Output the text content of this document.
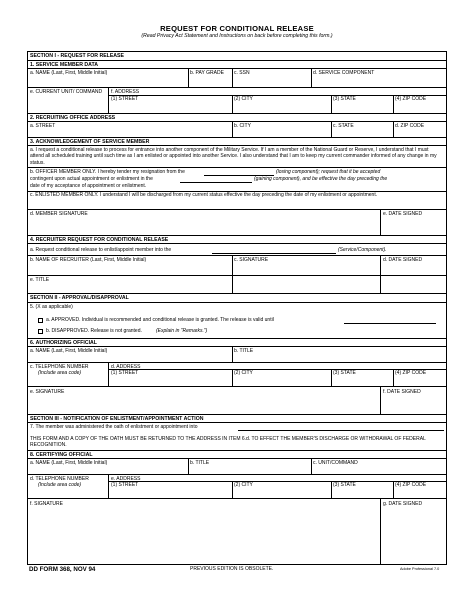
REQUEST FOR CONDITIONAL RELEASE
(Read Privacy Act Statement and Instructions on back before completing this form.)
SECTION I - REQUEST FOR RELEASE
1. SERVICE MEMBER DATA
a. NAME (Last, First, Middle Initial)	b. PAY GRADE c. SSN	d. SERVICE COMPONENT
e. CURRENT UNIT/ COMMAND f. ADDRESS
(1) STREET	(2) CITY	(3) STATE	(4) ZIP CODE
2. RECRUITING OFFICE ADDRESS
a. STREET	b. CITY	c. STATE	d. ZIP CODE
3. ACKNOWLEDGEMENT OF SERVICE MEMBER
a. I request a conditional release to process for entrance into another component of the Military Service. If I am a member of the National Guard or Reserve, I understand that I must attend all scheduled training until such time as I am enlisted or appointed into another Service. I also understand that I am to keep my current commander informed of any change in my status.
b. OFFICER MEMBER ONLY. I hereby tender my resignation from the	(losing component); request that it be accepted
contingent upon actual appointment or enlistment in the	(gaining component), and be effective the day preceding the
date of my acceptance of appointment or enlistment.
c. ENLISTED MEMBER ONLY. I understand I will be discharged from my current status effective the day preceding the date of my enlistment or appointment.
d. MEMBER SIGNATURE	e. DATE SIGNED
4. RECRUITER REQUEST FOR CONDITIONAL RELEASE
a. Request conditional release to enlist/appoint member into the	(Service/Component).
b. NAME OF RECRUITER (Last, First, Middle Initial)	c. SIGNATURE	d. DATE SIGNED
e. TITLE
SECTION II - APPROVAL/DISAPPROVAL
5. (X as applicable)
a. APPROVED. Individual is recommended and conditional release is granted. The release is valid until
b. DISAPPROVED. Release is not granted.	(Explain in "Remarks.")
6. AUTHORIZING OFFICIAL
a. NAME (Last, First, Middle Initial)	b. TITLE
c. TELEPHONE NUMBER
(Include area code)
d. ADDRESS
(1) STREET	(2) CITY	(3) STATE	(4) ZIP CODE
e. SIGNATURE	f. DATE SIGNED
SECTION III - NOTIFICATION OF ENLISTMENT/APPOINTMENT ACTION
7. The member was administered the oath of enlistment or appointment into
THIS FORM AND A COPY OF THE OATH MUST BE RETURNED TO THE ADDRESS IN ITEM 6.d. TO EFFECT THE MEMBER'S DISCHARGE OR WITHDRAWAL OF FEDERAL RECOGNITION.
8. CERTIFYING OFFICIAL
a. NAME (Last, First, Middle Initial)	b. TITLE	c. UNIT/COMMAND
d. TELEPHONE NUMBER
(Include area code)
e. ADDRESS
(1) STREET	(2) CITY	(3) STATE	(4) ZIP CODE
f. SIGNATURE	g. DATE SIGNED
DD FORM 368, NOV 94	PREVIOUS EDITION IS OBSOLETE.	Adobe Professional 7.0
